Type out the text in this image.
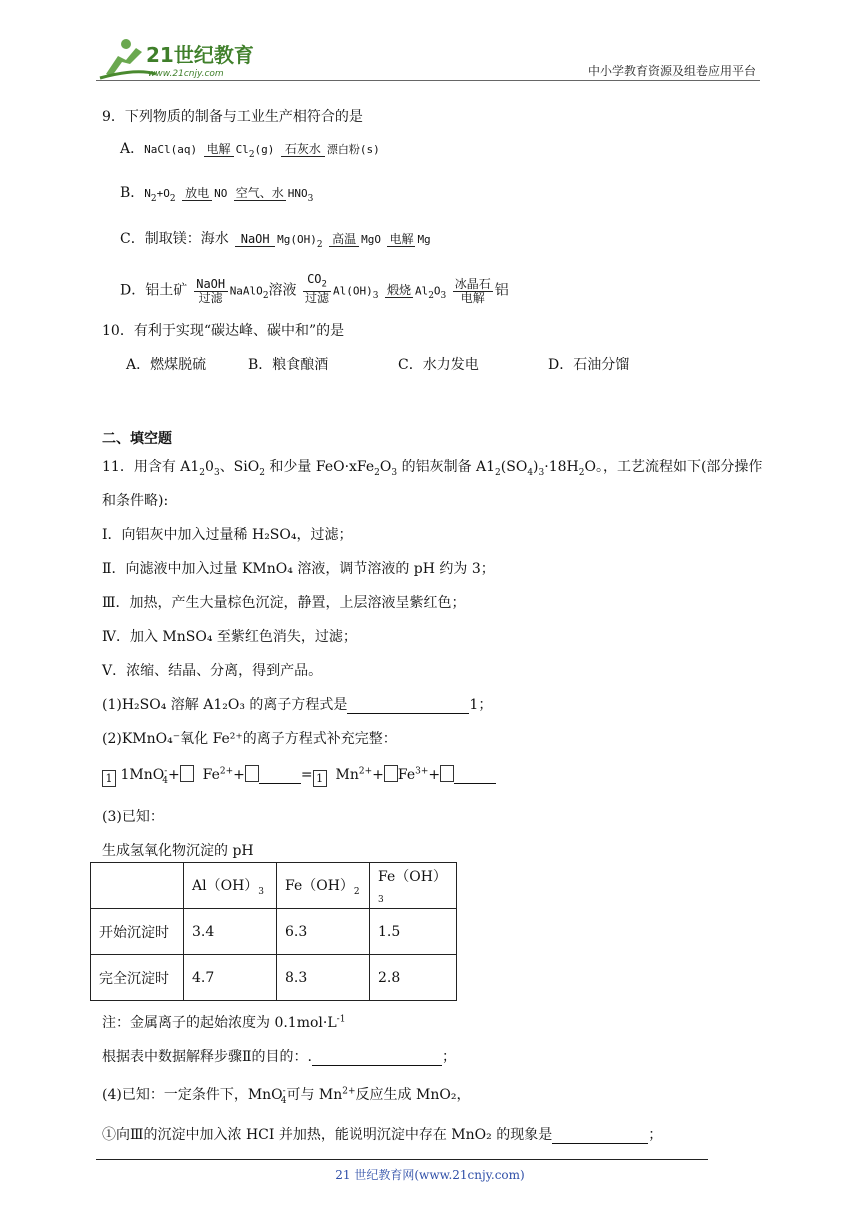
21世纪教育
www.21cnjy.com	中小学教育资源及组卷应用平台
9．下列物质的制备与工业生产相符合的是
A．NaCl(aq) 电解 $Cl_2(g)$ 石灰水 漂白粉(s)
B．$N_2+O_2$ 放电 NO 空气、水 $HNO_3$
C．制取镁：海水	NaOH $Mg(OH)_2$ 高温 MgO 电解 Mg
D．铝土矿 NaOH
过滤
NaAlO$_2$溶液
$CO_2$
过滤
$Al(OH)_3$ 煅烧 $Al_2O_3$
冰晶石
电解 铝
10．有利于实现“碳达峰、碳中和”的是
A．燃煤脱硫	B．粮食酿酒	C．水力发电	D．石油分馏
二、填空题
11．用含有 $A1_20_3$、SiO$_2$ 和少量 $FeO\cdot xFe_2O_3$ 的铝灰制备 $A1_2(SO_4)_3\cdot 18H_2O$。，工艺流程如下(部分操作
和条件略):
Ⅰ．向铝灰中加入过量稀 H₂SO₄，过滤；
Ⅱ．向滤液中加入过量 KMnO₄ 溶液，调节溶液的 pH 约为 3；
Ⅲ．加热，产生大量棕色沉淀，静置，上层溶液呈紫红色；
Ⅳ．加入 MnSO₄ 至紫红色消失，过滤；
Ⅴ．浓缩、结晶、分离，得到产品。
(1)H₂SO₄ 溶解 A1₂O₃ 的离子方程式是	1；
(2)KMnO₄⁻氧化 Fe²⁺的离子方程式补充完整：
1 $1MnO^-_4+ Fe^{2+}+$	= 1 $Mn^{2+}+ Fe^{3+}+$
(3)已知：
生成氢氧化物沉淀的 pH
	$Al(OH)_3$	$Fe(OH)_2$	$Fe(OH)_3$
开始沉淀时	3.4	6.3	1.5
完全沉淀时	4.7	8.3	2.8
注：金属离子的起始浓度为 $0.1mol\cdot L^{-1}$
根据表中数据解释步骤Ⅱ的目的：.	；
(4)已知：一定条件下，MnO-$_4$可与 $Mn^{2+}$反应生成 MnO₂，
①向Ⅲ的沉淀中加入浓 HCI 并加热，能说明沉淀中存在 MnO₂ 的现象是	；
21 世纪教育网(www.21cnjy.com)
